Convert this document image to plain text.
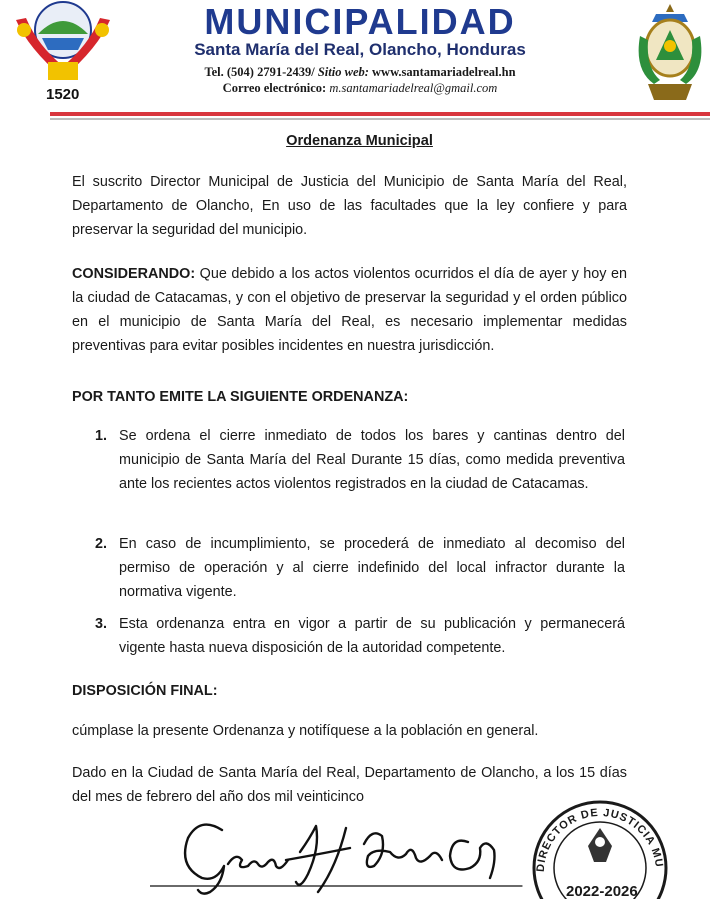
1520
MUNICIPALIDAD
Santa María del Real, Olancho, Honduras
Tel. (504) 2791-2439/ Sitio web: www.santamariadelreal.hn
Correo electrónico: m.santamariadelreal@gmail.com
Ordenanza Municipal
El suscrito Director Municipal de Justicia del Municipio de Santa María del Real, Departamento de Olancho, En uso de las facultades que la ley confiere y para preservar la seguridad del municipio.
CONSIDERANDO: Que debido a los actos violentos ocurridos el día de ayer y hoy en la ciudad de Catacamas, y con el objetivo de preservar la seguridad y el orden público en el municipio de Santa María del Real, es necesario implementar medidas preventivas para evitar posibles incidentes en nuestra jurisdicción.
POR TANTO EMITE LA SIGUIENTE ORDENANZA:
1. Se ordena el cierre inmediato de todos los bares y cantinas dentro del municipio de Santa María del Real Durante 15 días, como medida preventiva ante los recientes actos violentos registrados en la ciudad de Catacamas.
2. En caso de incumplimiento, se procederá de inmediato al decomiso del permiso de operación y al cierre indefinido del local infractor durante la normativa vigente.
3. Esta ordenanza entra en vigor a partir de su publicación y permanecerá vigente hasta nueva disposición de la autoridad competente.
DISPOSICIÓN FINAL:
cúmplase la presente Ordenanza y notifíquese a la población en general.
Dado en la Ciudad de Santa María del Real, Departamento de Olancho, a los 15 días del mes de febrero del año dos mil veinticinco
DIRECTOR DE JUSTICIA MU
2022-2026
